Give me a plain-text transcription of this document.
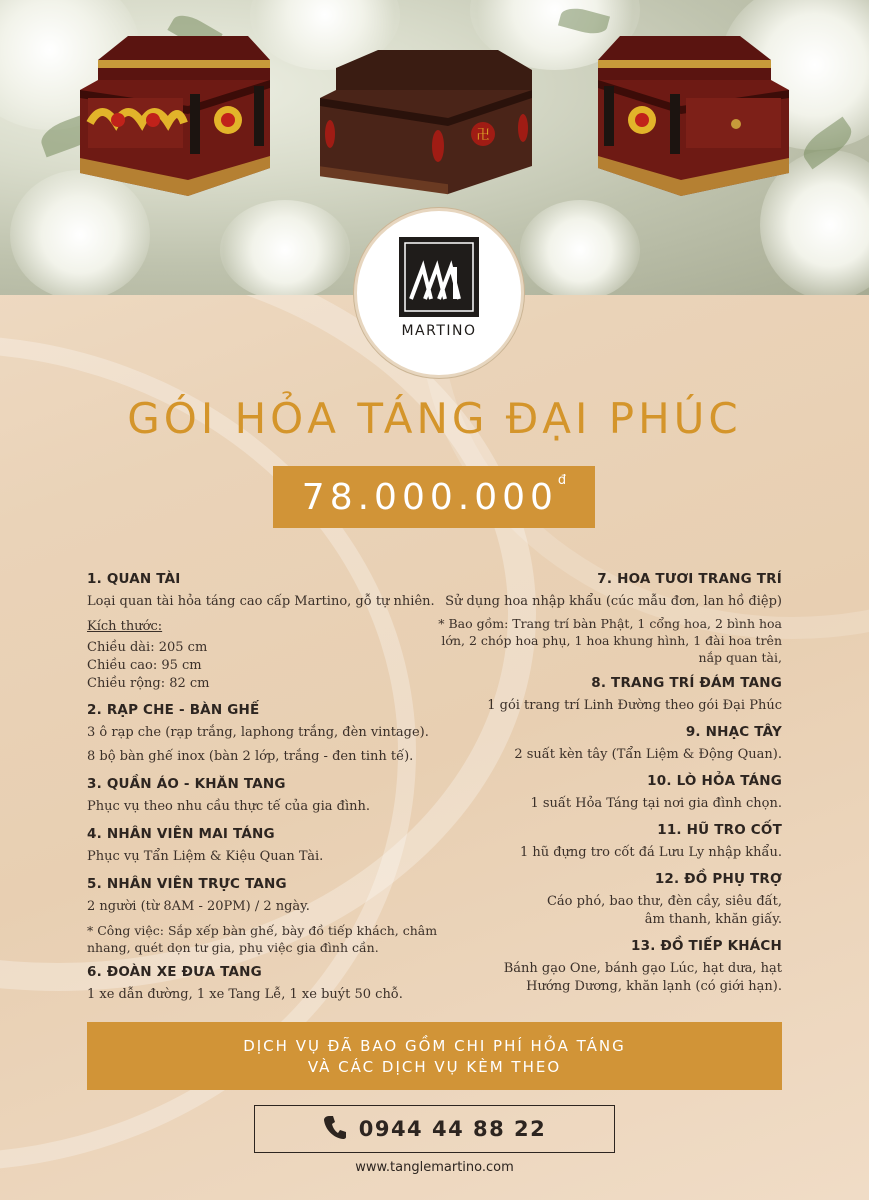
卍
MARTINO
GÓI HỎA TÁNG ĐẠI PHÚC
$78.000.000^đ$

1. QUAN TÀI

Loại quan tài hỏa táng cao cấp Martino, gỗ tự nhiên.

Kích thước:

Chiều dài: 205 cm

Chiều cao: 95 cm

Chiều rộng: 82 cm

2. RẠP CHE - BÀN GHẾ

3 ô rạp che (rạp trắng, laphong trắng, đèn vintage).

8 bộ bàn ghế inox (bàn 2 lớp, trắng - đen tinh tế).

3. QUẦN ÁO - KHĂN TANG

Phục vụ theo nhu cầu thực tế của gia đình.

4. NHÂN VIÊN MAI TÁNG

Phục vụ Tẩn Liệm & Kiệu Quan Tài.

5. NHÂN VIÊN TRỰC TANG

2 người (từ 8AM - 20PM) / 2 ngày.

* Công việc: Sắp xếp bàn ghế, bày đồ tiếp khách, châm nhang, quét dọn tư gia, phụ việc gia đình cần.

6. ĐOÀN XE ĐƯA TANG

1 xe dẫn đường, 1 xe Tang Lễ, 1 xe buýt 50 chỗ.

7. HOA TƯƠI TRANG TRÍ

Sử dụng hoa nhập khẩu (cúc mẫu đơn, lan hồ điệp)

* Bao gồm: Trang trí bàn Phật, 1 cổng hoa, 2 bình hoa lớn, 2 chóp hoa phụ, 1 hoa khung hình, 1 đài hoa trên nắp quan tài,

8. TRANG TRÍ ĐÁM TANG

1 gói trang trí Linh Đường theo gói Đại Phúc

9. NHẠC TÂY

2 suất kèn tây (Tẩn Liệm & Động Quan).

10. LÒ HỎA TÁNG

1 suất Hỏa Táng tại nơi gia đình chọn.

11. HŨ TRO CỐT

1 hũ đựng tro cốt đá Lưu Ly nhập khẩu.

12. ĐỒ PHỤ TRỢ

Cáo phó, bao thư, đèn cầy, siêu đất, âm thanh, khăn giấy.

13. ĐỒ TIẾP KHÁCH

Bánh gạo One, bánh gạo Lúc, hạt dưa, hạt Hướng Dương, khăn lạnh (có giới hạn).

DỊCH VỤ ĐÃ BAO GỒM CHI PHÍ HỎA TÁNG
VÀ CÁC DỊCH VỤ KÈM THEO
0944 44 88 22
www.tanglemartino.com
